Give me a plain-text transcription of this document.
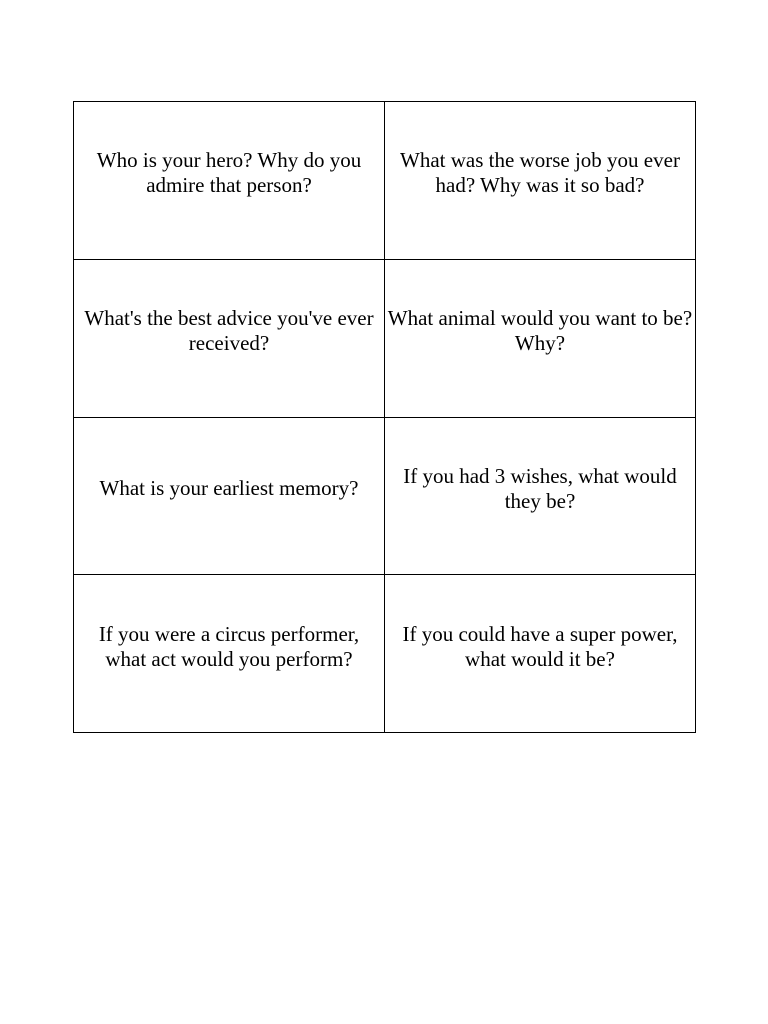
Who is your hero? Why do you admire that person?	What was the worse job you ever had? Why was it so bad?
What's the best advice you've ever received?	What animal would you want to be? Why?
What is your earliest memory?	If you had 3 wishes, what would they be?
If you were a circus performer, what act would you perform?	If you could have a super power, what would it be?
